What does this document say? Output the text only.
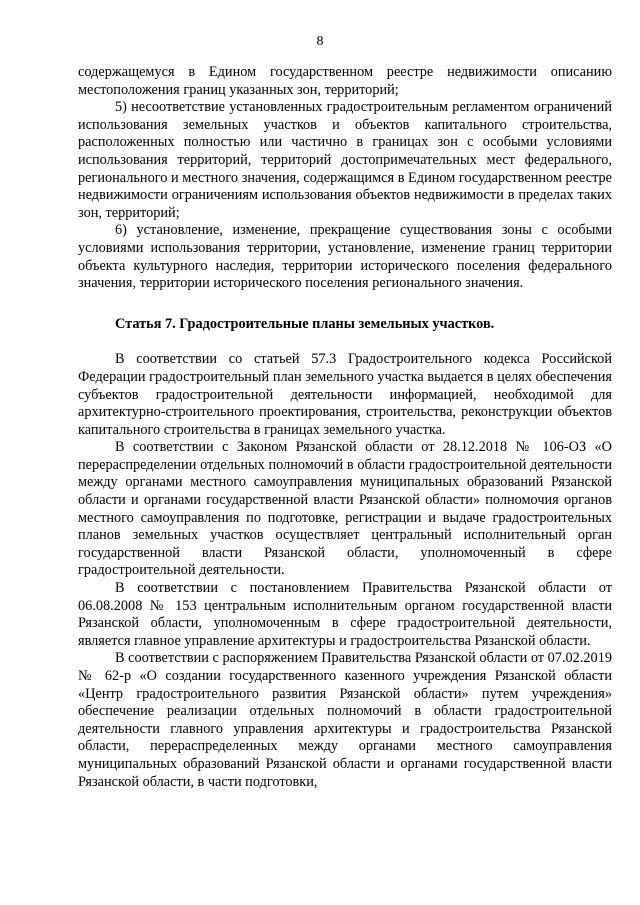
8

содержащемуся в Едином государственном реестре недвижимости описанию местоположения границ указанных зон, территорий;

5) несоответствие установленных градостроительным регламентом ограничений использования земельных участков и объектов капитального строительства, расположенных полностью или частично в границах зон с особыми условиями использования территорий, территорий достопримечательных мест федерального, регионального и местного значения, содержащимся в Едином государственном реестре недвижимости ограничениям использования объектов недвижимости в пределах таких зон, территорий;

6) установление, изменение, прекращение существования зоны с особыми условиями использования территории, установление, изменение границ территории объекта культурного наследия, территории исторического поселения федерального значения, территории исторического поселения регионального значения.

Статья 7. Градостроительные планы земельных участков.

В соответствии со статьей 57.3 Градостроительного кодекса Российской Федерации градостроительный план земельного участка выдается в целях обеспечения субъектов градостроительной деятельности информацией, необходимой для архитектурно-строительного проектирования, строительства, реконструкции объектов капитального строительства в границах земельного участка.

В соответствии с Законом Рязанской области от 28.12.2018 № 106-ОЗ «О перераспределении отдельных полномочий в области градостроительной деятельности между органами местного самоуправления муниципальных образований Рязанской области и органами государственной власти Рязанской области» полномочия органов местного самоуправления по подготовке, регистрации и выдаче градостроительных планов земельных участков осуществляет центральный исполнительный орган государственной власти Рязанской области, уполномоченный в сфере градостроительной деятельности.

В соответствии с постановлением Правительства Рязанской области от 06.08.2008 № 153 центральным исполнительным органом государственной власти Рязанской области, уполномоченным в сфере градостроительной деятельности, является главное управление архитектуры и градостроительства Рязанской области.

В соответствии с распоряжением Правительства Рязанской области от 07.02.2019 № 62-р «О создании государственного казенного учреждения Рязанской области «Центр градостроительного развития Рязанской области» путем учреждения» обеспечение реализации отдельных полномочий в области градостроительной деятельности главного управления архитектуры и градостроительства Рязанской области, перераспределенных между органами местного самоуправления муниципальных образований Рязанской области и органами государственной власти Рязанской области, в части подготовки,
